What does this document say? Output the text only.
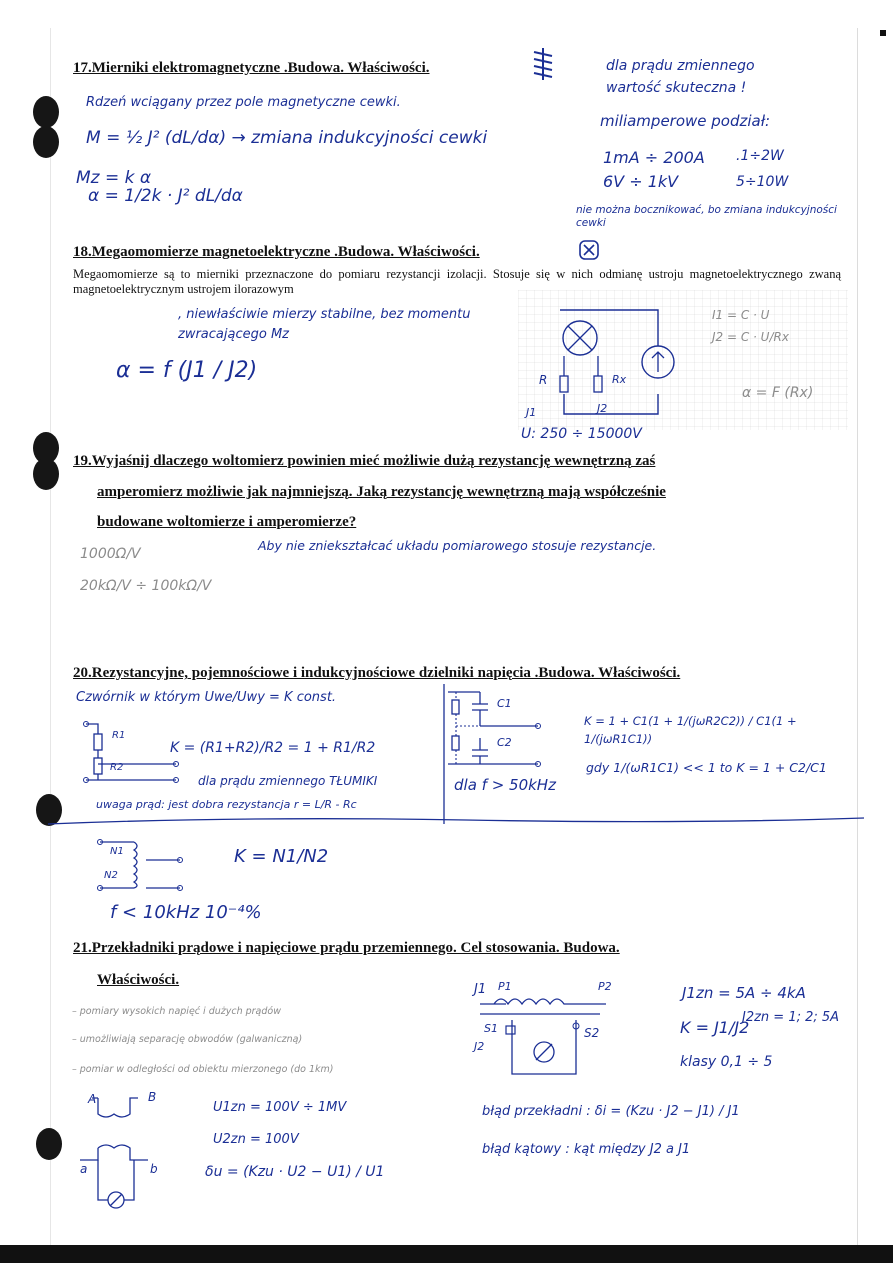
17.Mierniki elektromagnetyczne .Budowa. Właściwości.
Rdzeń wciągany przez pole magnetyczne cewki.
M = ½ J² (dL/dα) → zmiana indukcyjności cewki
Mz = k α
α = 1/2k · J² dL/dα
dla prądu zmiennego
wartość skuteczna !
miliamperowe podział:
1mA ÷ 200A .1÷2W
6V ÷ 1kV	5÷10W
nie można bocznikować, bo zmiana indukcyjności cewki
18.Megaomomierze magnetoelektryczne .Budowa. Właściwości.
Megaomomierze są to mierniki przeznaczone do pomiaru rezystancji izolacji. Stosuje się w nich odmianę ustroju magnetoelektrycznego zwaną magnetoelektrycznym ustrojem ilorazowym
, niewłaściwie mierzy stabilne, bez momentu zwracającego Mz
α = f (J1 / J2)	R	Rx
J1	J2
U: 250 ÷ 15000V
I1 = C · U
J2 = C · U/Rx
α = F (Rx)
19.Wyjaśnij dlaczego woltomierz powinien mieć możliwie dużą rezystancję wewnętrzną zaś
amperomierz możliwie jak najmniejszą. Jaką rezystancję wewnętrzną mają współcześnie
budowane woltomierze i amperomierze?
Aby nie zniekształcać układu pomiarowego stosuje rezystancje.
1000Ω/V
20kΩ/V ÷ 100kΩ/V
20.Rezystancyjne, pojemnościowe i indukcyjnościowe dzielniki napięcia .Budowa. Właściwości.
Czwórnik w którym Uwe/Uwy = K const.
R1
R2
K = (R1+R2)/R2 = 1 + R1/R2
dla prądu zmiennego TŁUMIKI
uwaga prąd: jest dobra rezystancja r = L/R - Rc
C1
C2
dla f > 50kHz
K = 1 + C1(1 + 1/(jωR2C2)) / C1(1 + 1/(jωR1C1))
gdy 1/(ωR1C1) << 1 to K = 1 + C2/C1
N1
N2
K = N1/N2
f < 10kHz 10⁻⁴%
21.Przekładniki prądowe i napięciowe prądu przemiennego. Cel stosowania. Budowa.
Właściwości.
– pomiary wysokich napięć i dużych prądów
– umożliwiają separację obwodów (galwaniczną)
– pomiar w odległości od obiektu mierzonego (do 1km)
A	B
a	b
U1zn = 100V ÷ 1MV
U2zn = 100V
δu = (Kzu · U2 − U1) / U1
J1 P1	P2
S1	S2
J2
J1zn = 5A ÷ 4kA
J2zn = 1; 2; 5A
K = J1/J2
klasy 0,1 ÷ 5
błąd przekładni : δi = (Kzu · J2 − J1) / J1
błąd kątowy : kąt między J2 a J1
